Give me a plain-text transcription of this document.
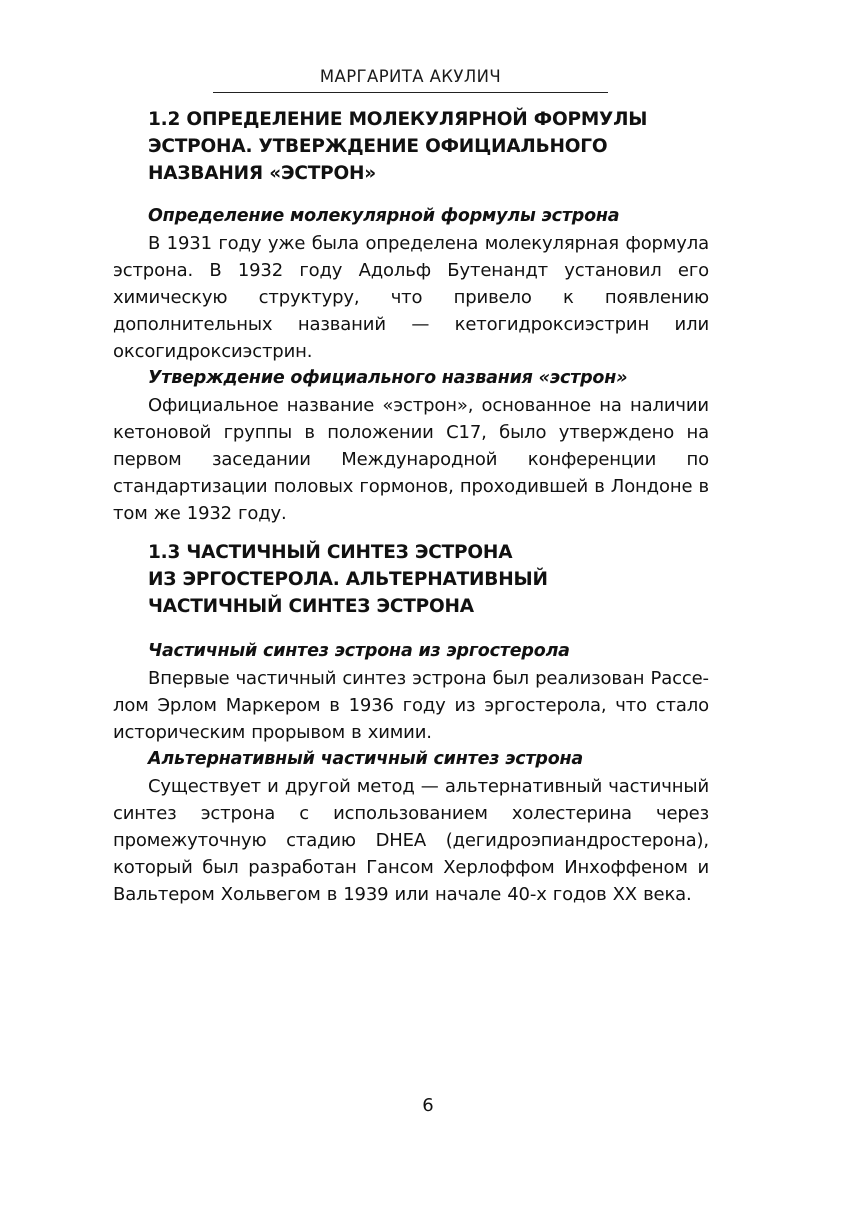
МАРГАРИТА АКУЛИЧ
1.2 ОПРЕДЕЛЕНИЕ МОЛЕКУЛЯРНОЙ ФОРМУЛЫ
ЭСТРОНА. УТВЕРЖДЕНИЕ ОФИЦИАЛЬНОГО
НАЗВАНИЯ «ЭСТРОН»

Определение молекулярной формулы эстрона

В 1931 году уже была определена молекулярная формула эстрона. В 1932 году Адольф Бутенандт установил его химическую структуру, что привело к появлению дополнительных названий — кетогидроксиэстрин или оксогидроксиэстрин.

Утверждение официального названия «эстрон»

Официальное название «эстрон», основанное на наличии кетоновой группы в положении С17, было утверждено на первом заседании Международной конференции по стандартизации половых гормонов, проходившей в Лондоне в том же 1932 году.

1.3 ЧАСТИЧНЫЙ СИНТЕЗ ЭСТРОНА
ИЗ ЭРГОСТЕРОЛА. АЛЬТЕРНАТИВНЫЙ
ЧАСТИЧНЫЙ СИНТЕЗ ЭСТРОНА

Частичный синтез эстрона из эргостерола

Впервые частичный синтез эстрона был реализован Расселом Эрлом Маркером в 1936 году из эргостерола, что стало историческим прорывом в химии.

Альтернативный частичный синтез эстрона

Существует и другой метод — альтернативный частичный синтез эстрона с использованием холестерина через промежуточную стадию DHEA (дегидроэпиандростерона), который был разработан Гансом Херлоффом Инхоффеном и Вальтером Хольвегом в 1939 или начале 40-х годов XX века.

6
